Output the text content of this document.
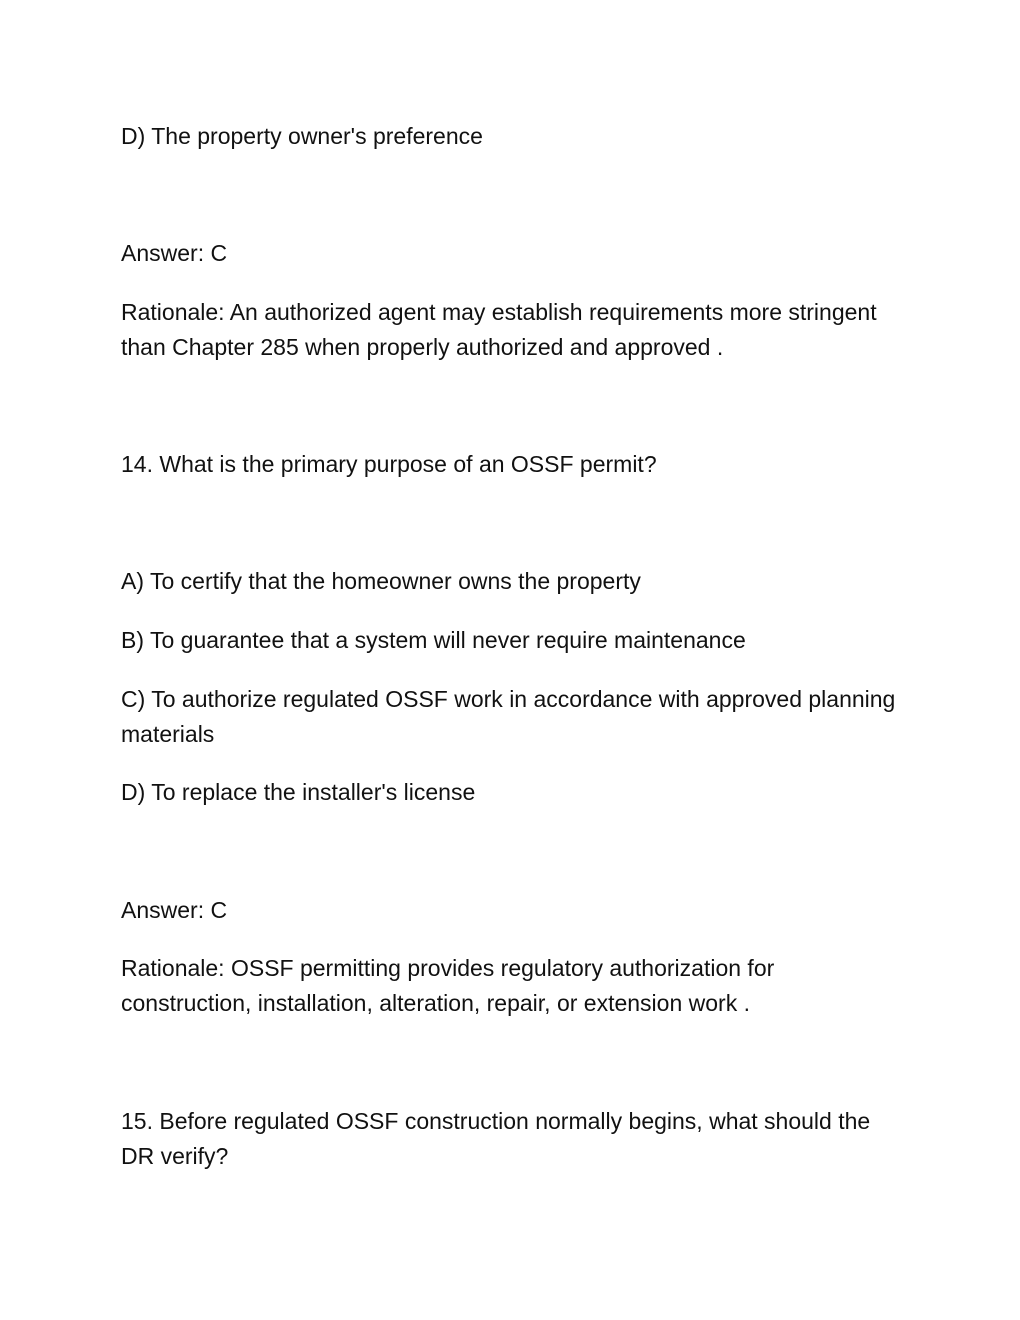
D) The property owner's preference

Answer: C

Rationale: An authorized agent may establish requirements more stringent than Chapter 285 when properly authorized and approved .

14. What is the primary purpose of an OSSF permit?

A) To certify that the homeowner owns the property

B) To guarantee that a system will never require maintenance

C) To authorize regulated OSSF work in accordance with approved planning materials

D) To replace the installer's license

Answer: C

Rationale: OSSF permitting provides regulatory authorization for construction, installation, alteration, repair, or extension work .

15. Before regulated OSSF construction normally begins, what should the DR verify?
